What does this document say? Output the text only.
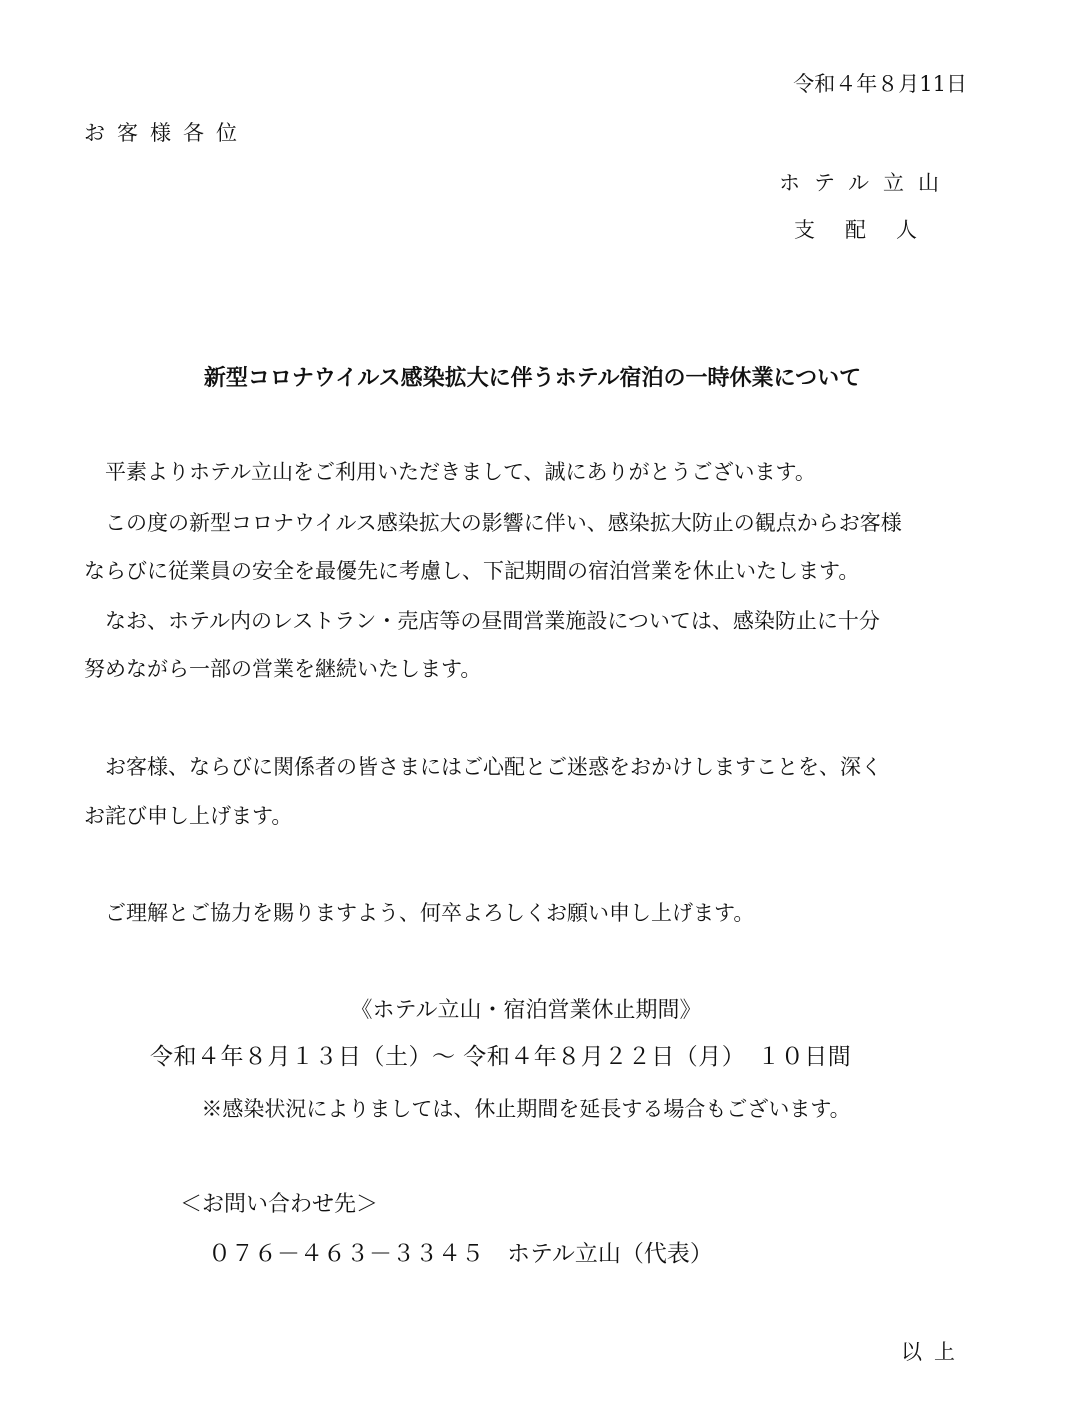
令和４年８月11日
お客様各位
ホテル立山
支配人
新型コロナウイルス感染拡大に伴うホテル宿泊の一時休業について
　平素よりホテル立山をご利用いただきまして、誠にありがとうございます。
　この度の新型コロナウイルス感染拡大の影響に伴い、感染拡大防止の観点からお客様
ならびに従業員の安全を最優先に考慮し、下記期間の宿泊営業を休止いたします。
　なお、ホテル内のレストラン・売店等の昼間営業施設については、感染防止に十分
努めながら一部の営業を継続いたします。
　お客様、ならびに関係者の皆さまにはご心配とご迷惑をおかけしますことを、深く
お詫び申し上げます。
　ご理解とご協力を賜りますよう、何卒よろしくお願い申し上げます。
《ホテル立山・宿泊営業休止期間》
令和４年８月１３日（土）～ 令和４年８月２２日（月）　１０日間
※感染状況によりましては、休止期間を延長する場合もございます。
＜お問い合わせ先＞
０７６－４６３－３３４５　ホテル立山（代表）
以上
